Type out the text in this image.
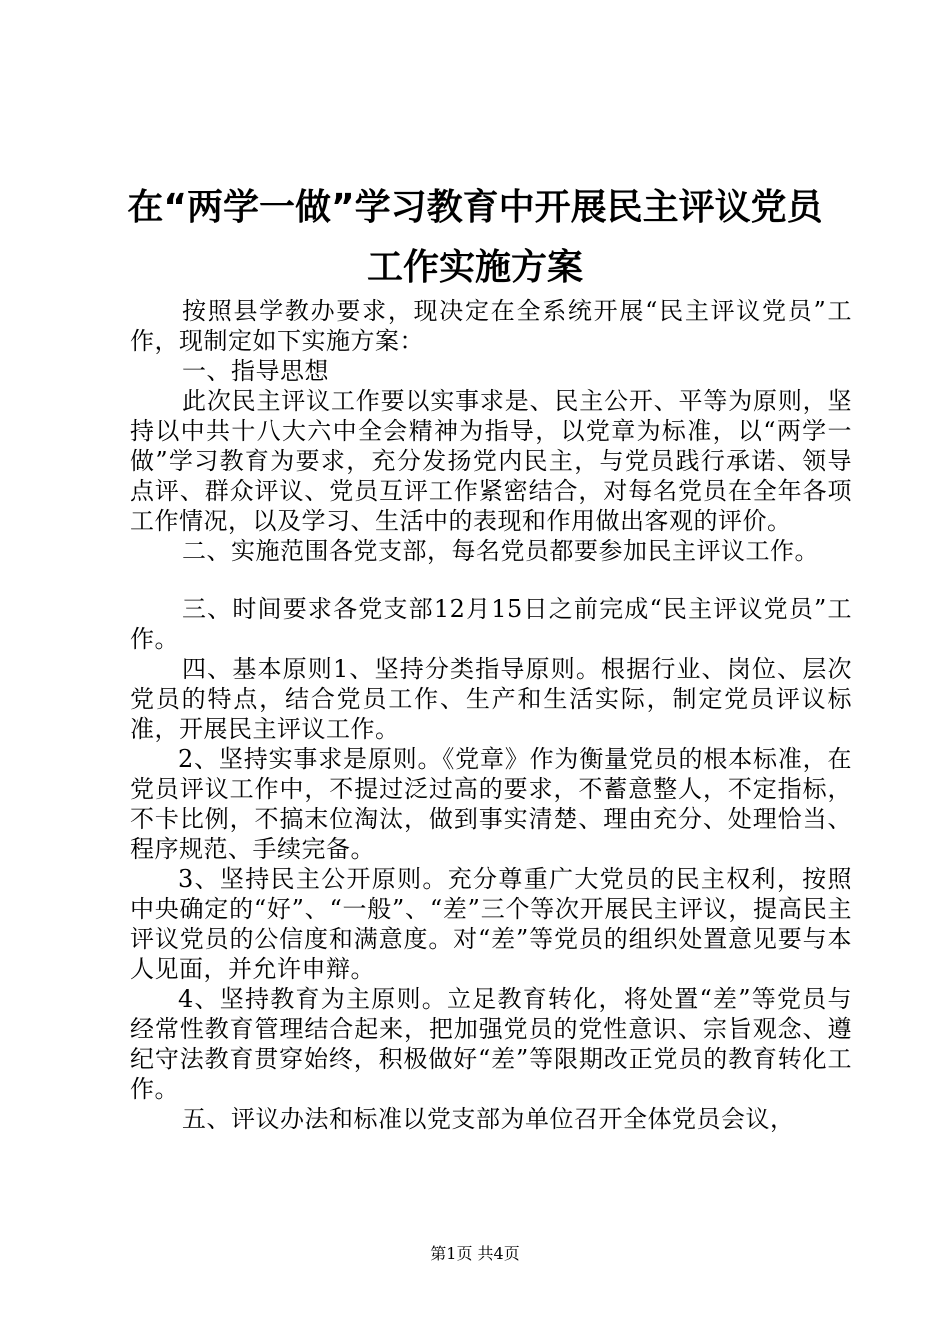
在“两学一做”学习教育中开展民主评议党员
工作实施方案

按照县学教办要求，现决定在全系统开展“民主评议党员”工作，现制定如下实施方案：

一、指导思想

此次民主评议工作要以实事求是、民主公开、平等为原则，坚持以中共十八大六中全会精神为指导，以党章为标准，以“两学一做”学习教育为要求，充分发扬党内民主，与党员践行承诺、领导点评、群众评议、党员互评工作紧密结合，对每名党员在全年各项工作情况，以及学习、生活中的表现和作用做出客观的评价。

二、实施范围各党支部，每名党员都要参加民主评议工作。

三、时间要求各党支部12月15日之前完成“民主评议党员”工作。

四、基本原则1、坚持分类指导原则。根据行业、岗位、层次党员的特点，结合党员工作、生产和生活实际，制定党员评议标准，开展民主评议工作。

2、坚持实事求是原则。《党章》作为衡量党员的根本标准，在党员评议工作中，不提过泛过高的要求，不蓄意整人，不定指标，不卡比例，不搞末位淘汰，做到事实清楚、理由充分、处理恰当、程序规范、手续完备。

3、坚持民主公开原则。充分尊重广大党员的民主权利，按照中央确定的“好”、“一般”、“差”三个等次开展民主评议，提高民主评议党员的公信度和满意度。对“差”等党员的组织处置意见要与本人见面，并允许申辩。

4、坚持教育为主原则。立足教育转化，将处置“差”等党员与经常性教育管理结合起来，把加强党员的党性意识、宗旨观念、遵纪守法教育贯穿始终，积极做好“差”等限期改正党员的教育转化工作。

五、评议办法和标准以党支部为单位召开全体党员会议，

第1页 共4页
